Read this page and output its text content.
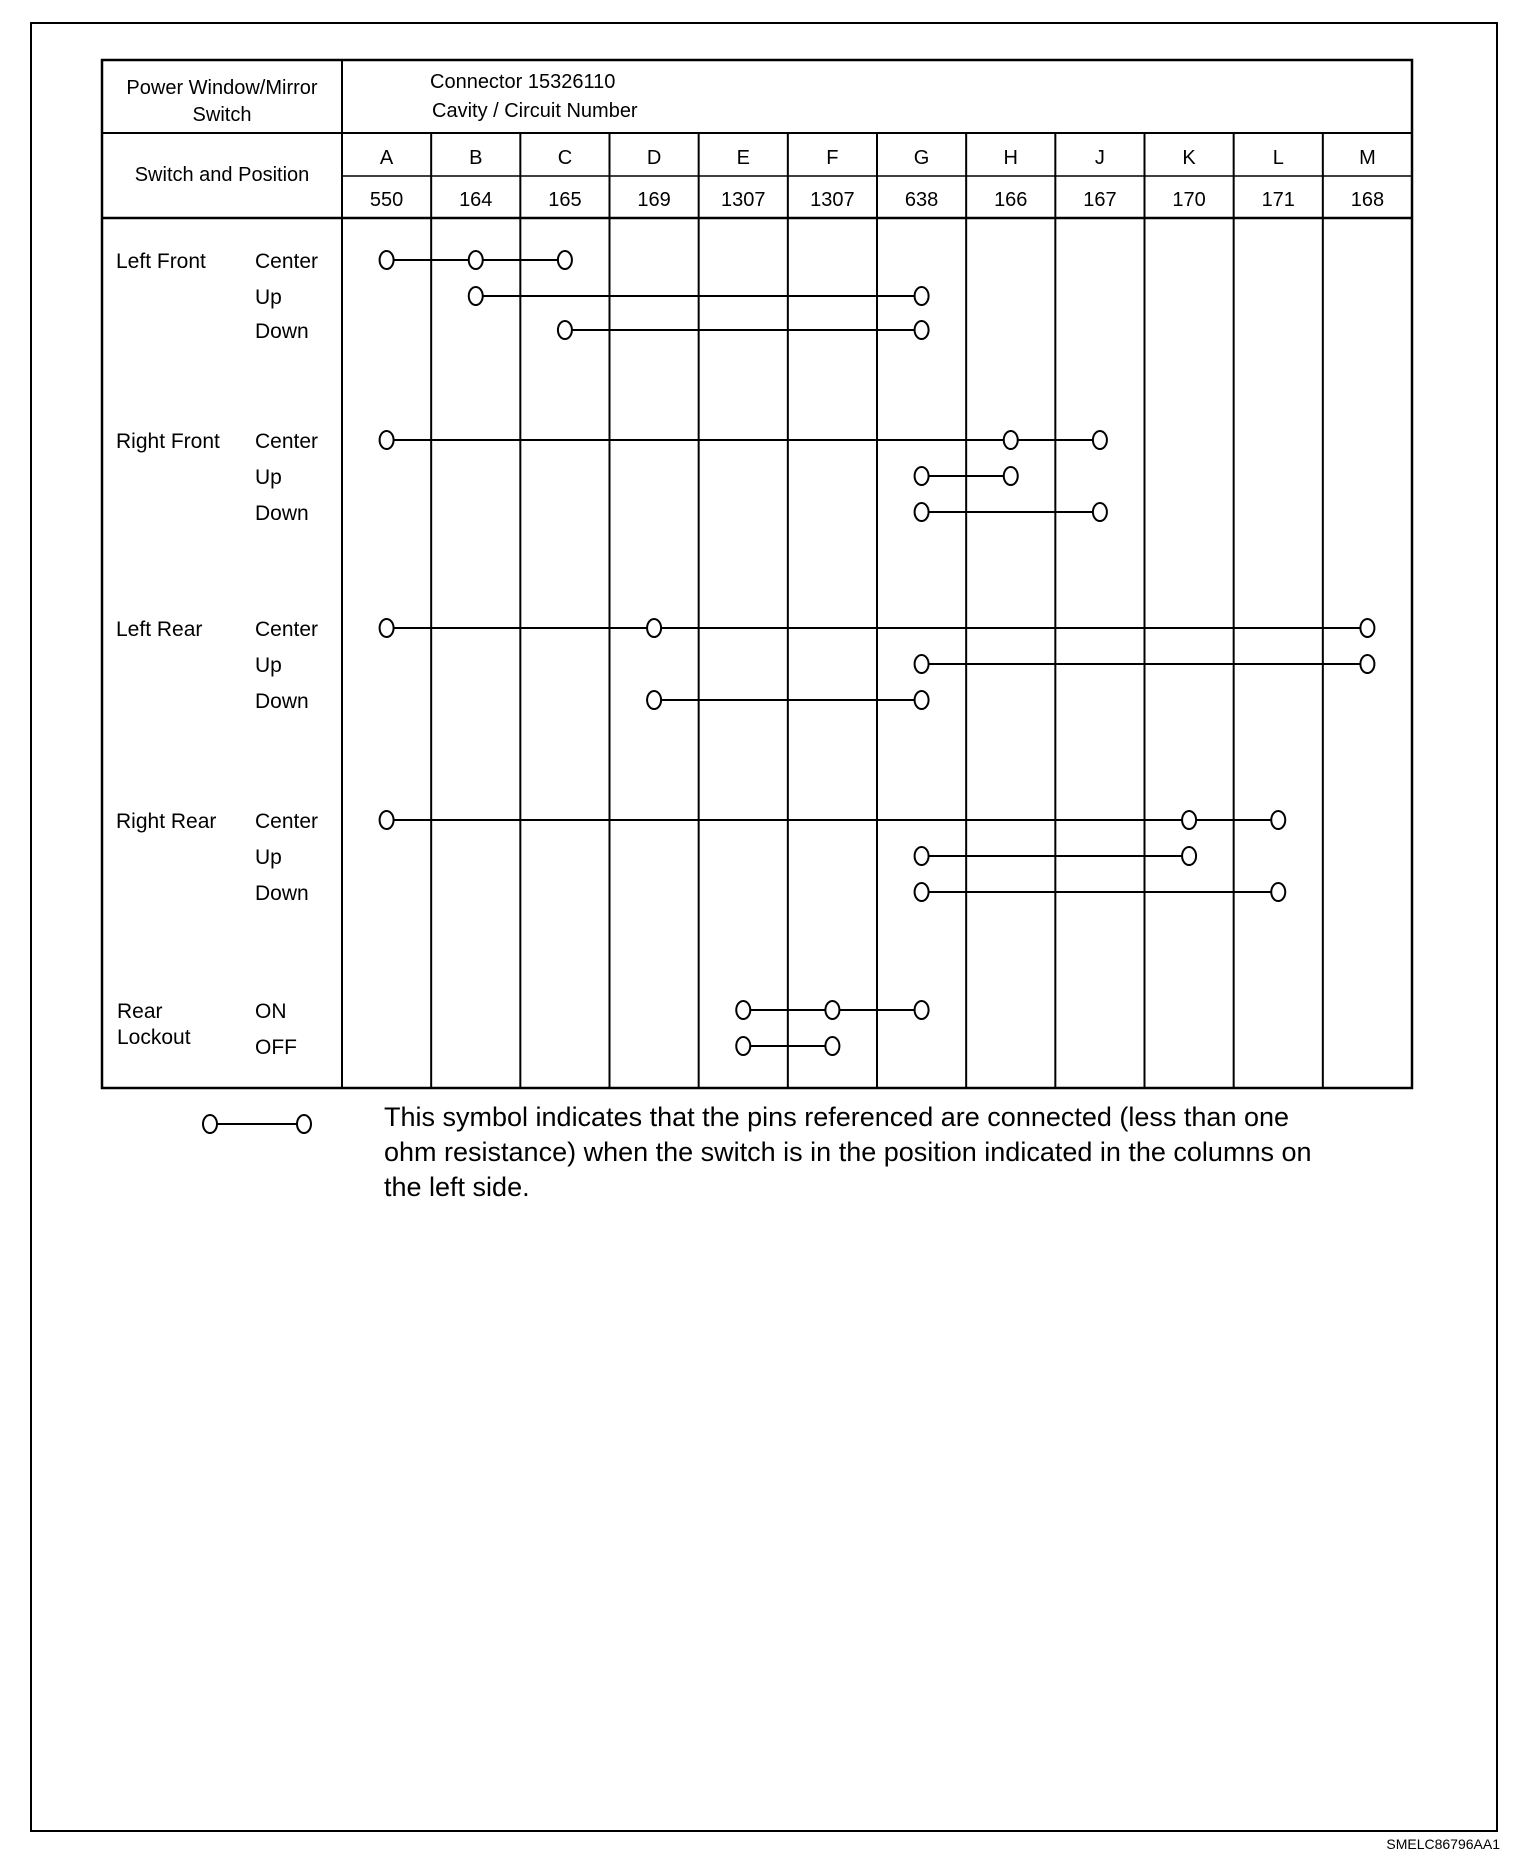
Power Window/Mirror
Switch
Connector 15326110
Cavity / Circuit Number
Switch and Position
A
550
B
164
C
165
D
169
E
1307
F
1307
G
638
H
166
J
167
K
170
L
171
M
168
Left Front Center
Up
Down
Right Front Center
Up
Down
Left Rear	Center
Up
Down
Right Rear Center
Up
Down
Rear
Lockout
ON
OFF
This symbol indicates that the pins referenced are connected (less than one ohm resistance) when the switch is in the position indicated in the columns on the left side.
SMELC86796AA1
